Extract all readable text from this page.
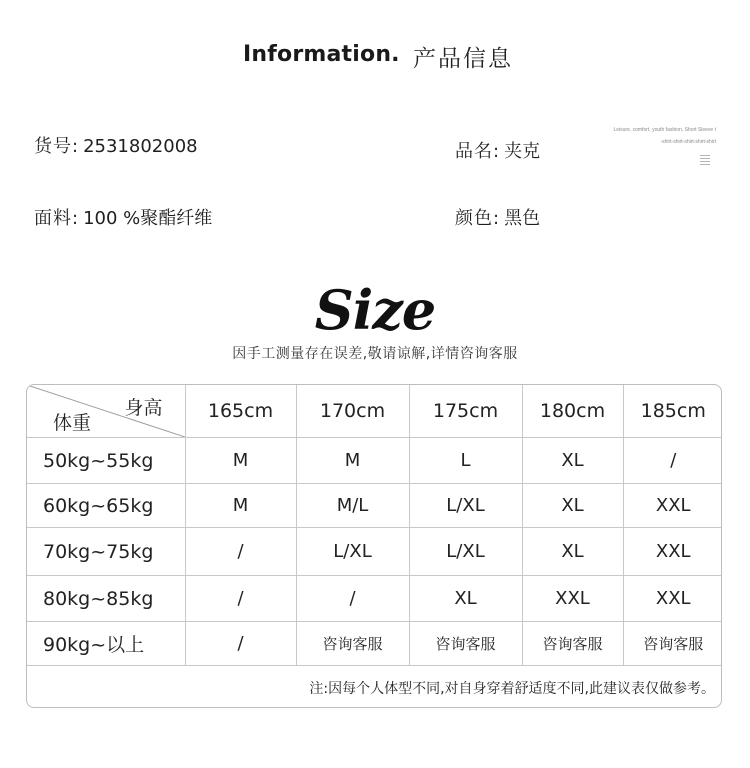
Information. 产品信息
货号: 2531802008	品名: 夹克
面料: 100 %聚酯纤维	颜色: 黑色
Leisure, comfort, youth fashion, Short Sleeve t
-shirt-shirt-shirt-shirt-shirt
Size
因手工测量存在误差,敬请谅解,详情咨询客服
身高
体重	165cm	170cm	175cm	180cm	185cm
50kg~55kg	M	M	L	XL	/
60kg~65kg	M	M/L	L/XL	XL	XXL
70kg~75kg	/	L/XL	L/XL	XL	XXL
80kg~85kg	/	/	XL	XXL	XXL
90kg~以上	/	咨询客服	咨询客服	咨询客服	咨询客服
注:因每个人体型不同,对自身穿着舒适度不同,此建议表仅做参考。					
